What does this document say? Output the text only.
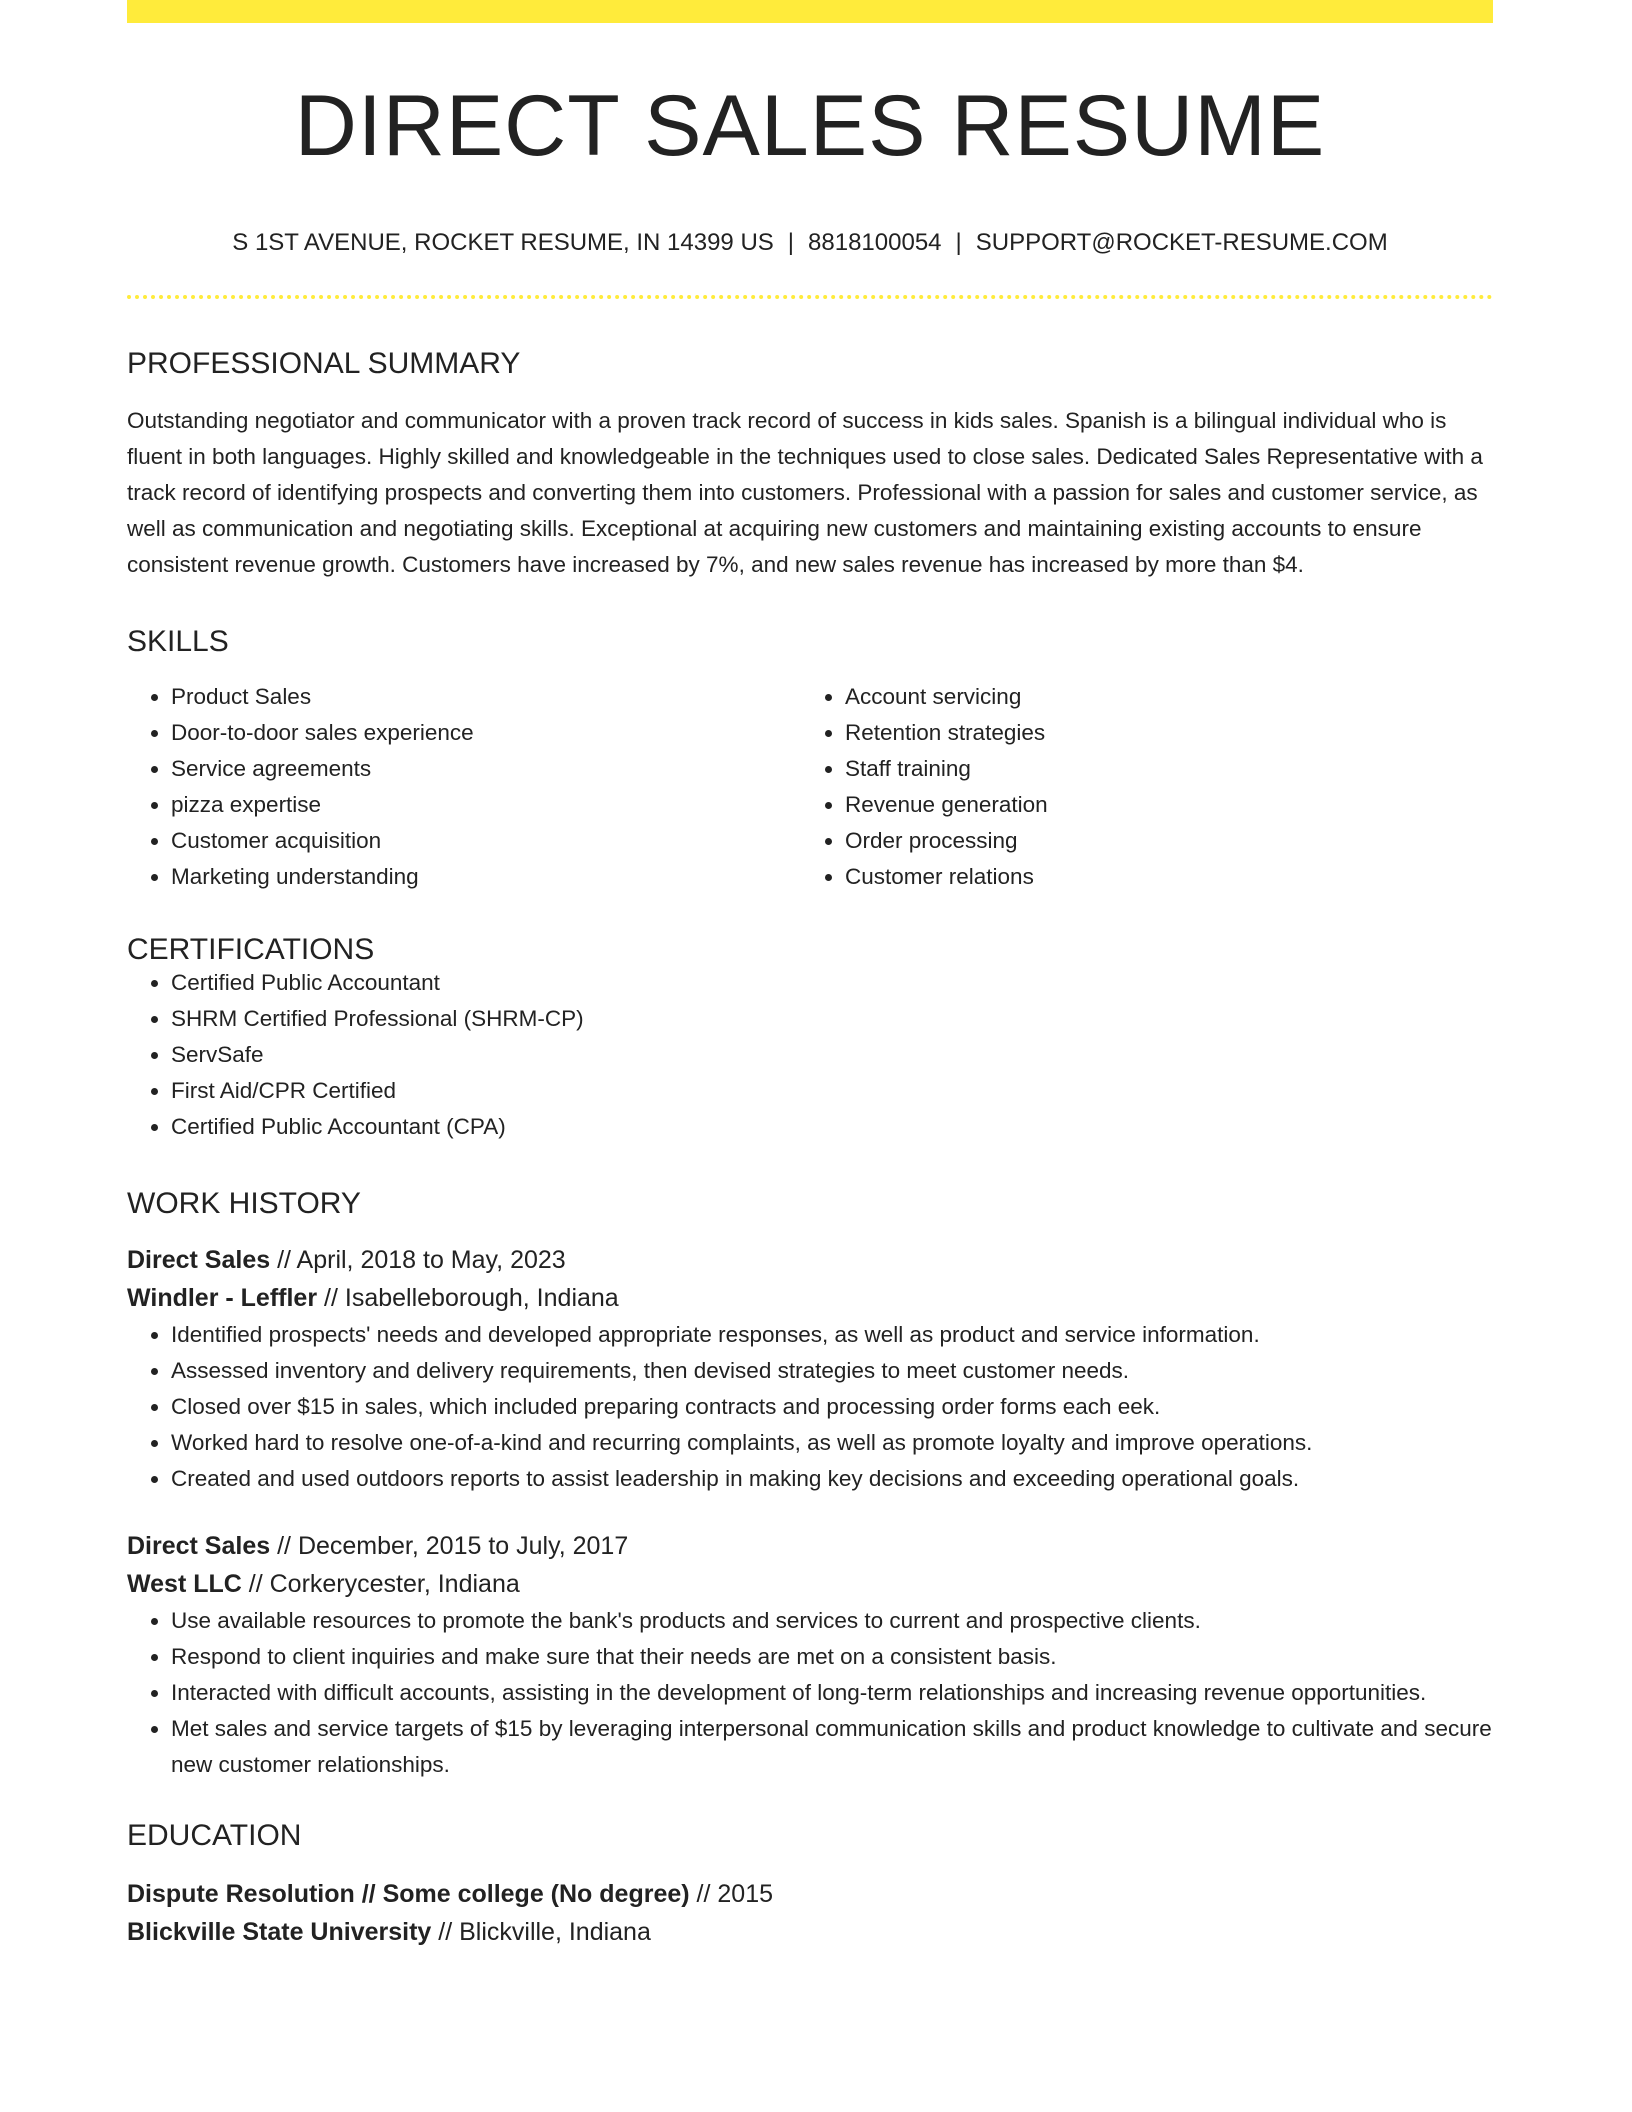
DIRECT SALES RESUME
S 1ST AVENUE, ROCKET RESUME, IN 14399 US | 8818100054 | SUPPORT@ROCKET-RESUME.COM
PROFESSIONAL SUMMARY

Outstanding negotiator and communicator with a proven track record of success in kids sales. Spanish is a bilingual individual who is fluent in both languages. Highly skilled and knowledgeable in the techniques used to close sales. Dedicated Sales Representative with a track record of identifying prospects and converting them into customers. Professional with a passion for sales and customer service, as well as communication and negotiating skills. Exceptional at acquiring new customers and maintaining existing accounts to ensure consistent revenue growth. Customers have increased by 7%, and new sales revenue has increased by more than $4.

SKILLS
• Product Sales
• Door-to-door sales experience
• Service agreements
• pizza expertise
• Customer acquisition
• Marketing understanding
• Account servicing
• Retention strategies
• Staff training
• Revenue generation
• Order processing
• Customer relations
CERTIFICATIONS
• Certified Public Accountant
• SHRM Certified Professional (SHRM-CP)
• ServSafe
• First Aid/CPR Certified
• Certified Public Accountant (CPA)
WORK HISTORY
Direct Sales // April, 2018 to May, 2023
Windler - Leffler // Isabelleborough, Indiana
• Identified prospects' needs and developed appropriate responses, as well as product and service information.
• Assessed inventory and delivery requirements, then devised strategies to meet customer needs.
• Closed over $15 in sales, which included preparing contracts and processing order forms each eek.
• Worked hard to resolve one-of-a-kind and recurring complaints, as well as promote loyalty and improve operations.
• Created and used outdoors reports to assist leadership in making key decisions and exceeding operational goals.
Direct Sales // December, 2015 to July, 2017
West LLC // Corkerycester, Indiana
• Use available resources to promote the bank's products and services to current and prospective clients.
• Respond to client inquiries and make sure that their needs are met on a consistent basis.
• Interacted with difficult accounts, assisting in the development of long-term relationships and increasing revenue opportunities.
• Met sales and service targets of $15 by leveraging interpersonal communication skills and product knowledge to cultivate and secure new customer relationships.
EDUCATION
Dispute Resolution // Some college (No degree) // 2015
Blickville State University // Blickville, Indiana
